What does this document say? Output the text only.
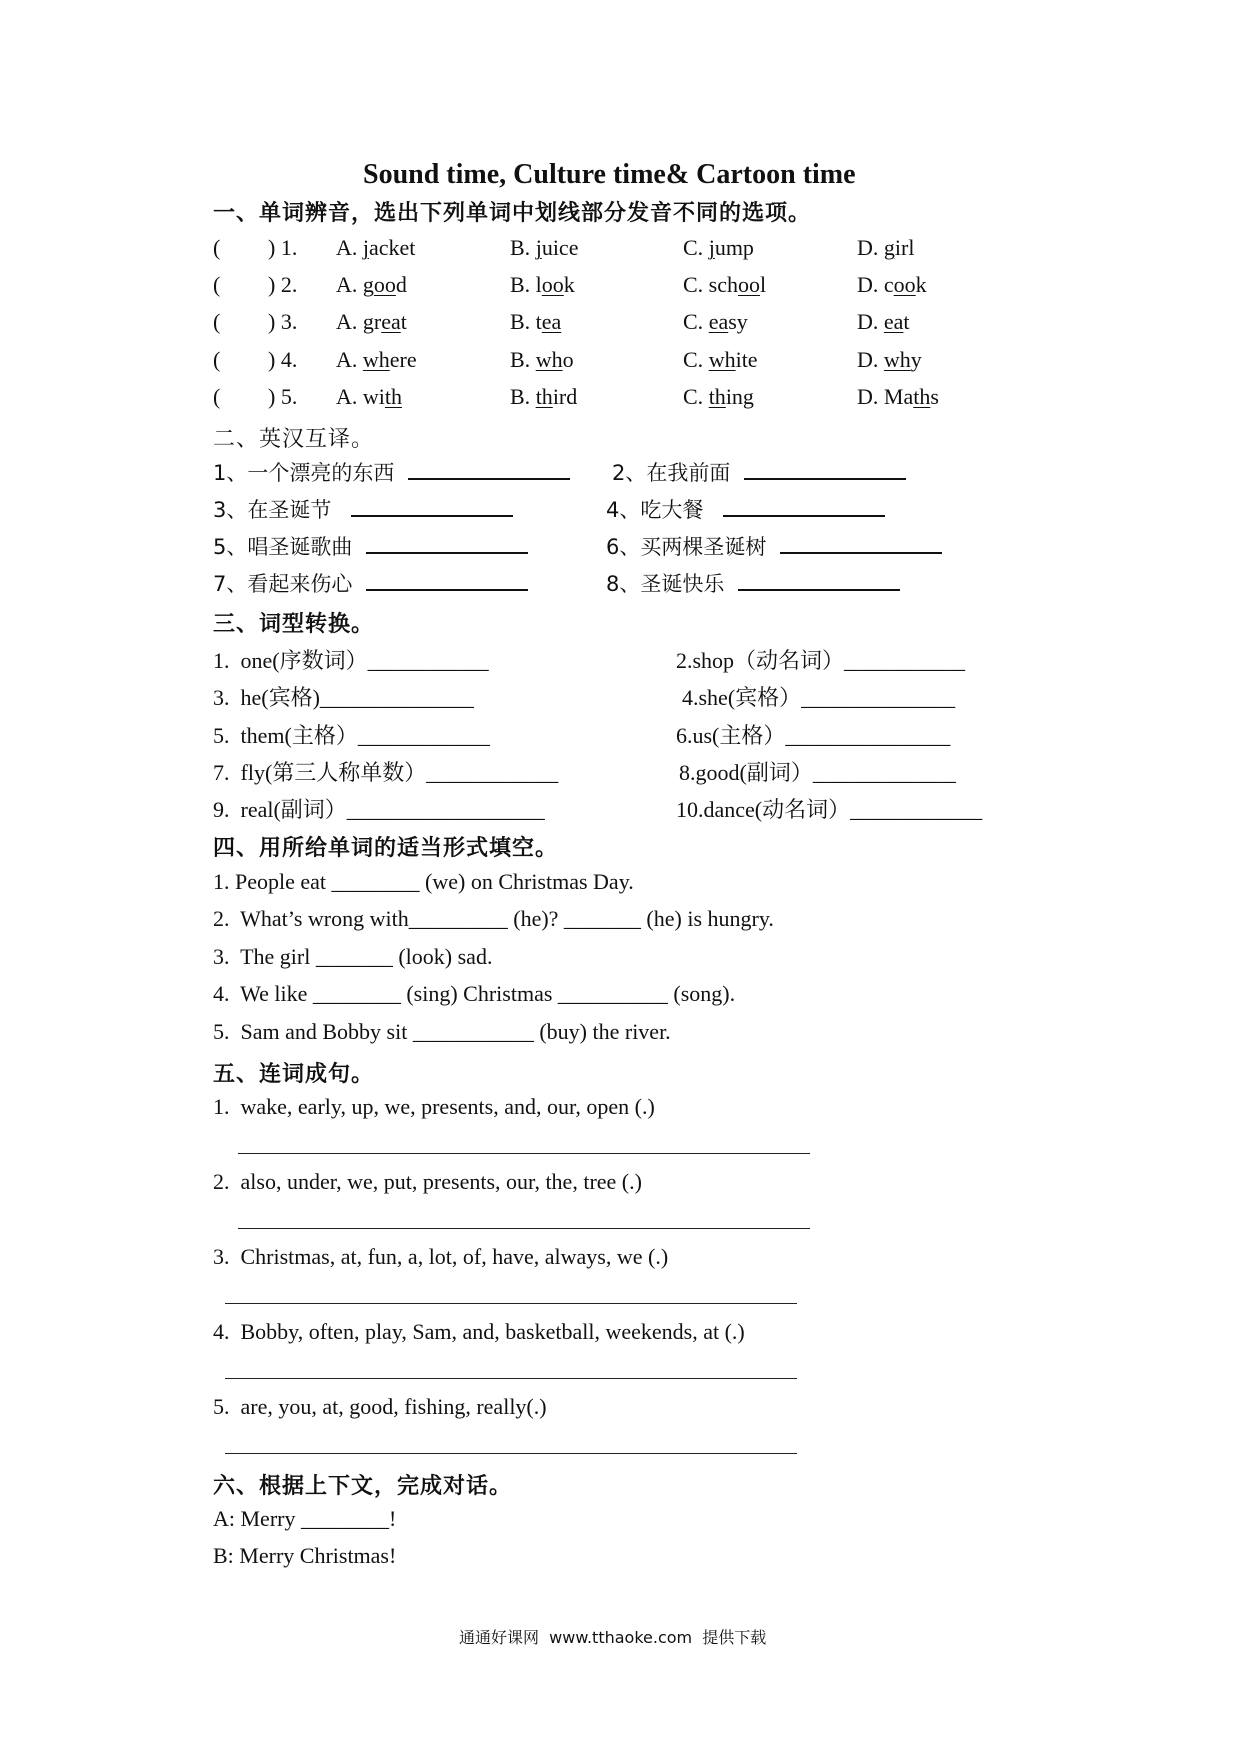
Sound time, Culture time& Cartoon time
一、单词辨音，选出下列单词中划线部分发音不同的选项。
( ) 1. A. jacket	B. juice	C. jump	D. girl
( ) 2. A. good	B. look	C. school	D. cook
( ) 3. A. great	B. tea	C. easy	D. eat
( ) 4. A. where	B. who	C. white	D. why
( ) 5. A. with	B. third	C. thing	D. Maths
二、英汉互译。
1、一个漂亮的东西	2、在我前面
3、在圣诞节	4、吃大餐
5、唱圣诞歌曲	6、买两棵圣诞树
7、看起来伤心	8、圣诞快乐
三、词型转换。
1.  one(序数词）___________	2.shop（动名词）___________
3.  he(宾格)______________	4.she(宾格）______________
5.  them(主格）____________	6.us(主格）_______________
7.  fly(第三人称单数）____________	8.good(副词）_____________
9.  real(副词）__________________	10.dance(动名词）____________
四、用所给单词的适当形式填空。
1. People eat ________ (we) on Christmas Day.
2.  What’s wrong with_________ (he)? _______ (he) is hungry.
3.  The girl _______ (look) sad.
4.  We like ________ (sing) Christmas __________ (song).
5.  Sam and Bobby sit ___________ (buy) the river.
五、连词成句。
1.  wake, early, up, we, presents, and, our, open (.)
2.  also, under, we, put, presents, our, the, tree (.)
3.  Christmas, at, fun, a, lot, of, have, always, we (.)
4.  Bobby, often, play, Sam, and, basketball, weekends, at (.)
5.  are, you, at, good, fishing, really(.)
六、根据上下文，完成对话。
A: Merry ________!
B: Merry Christmas!
通通好课网  www.tthaoke.com  提供下载
